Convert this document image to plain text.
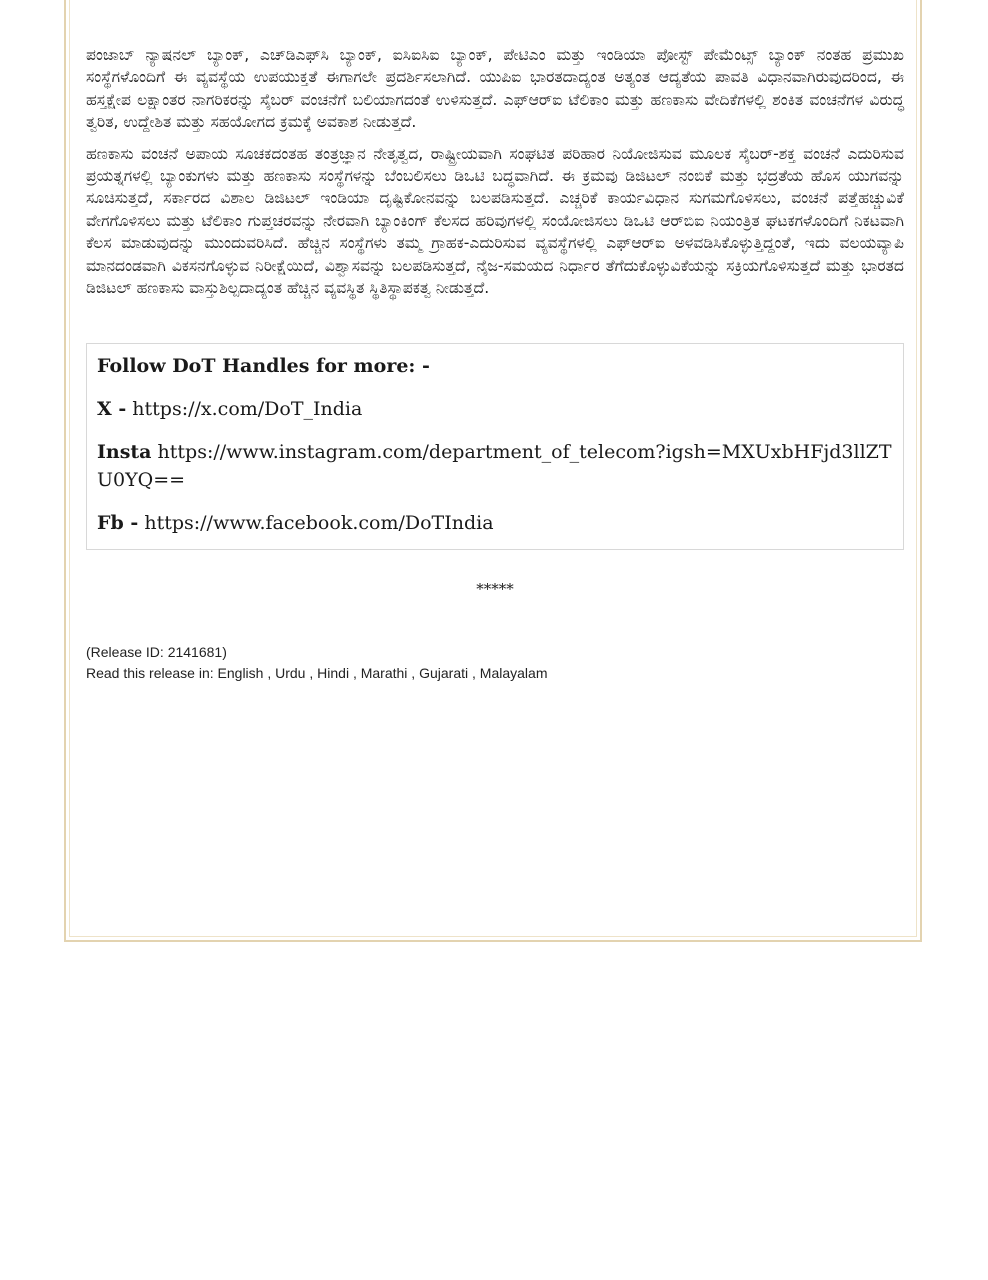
ಪಂಜಾಬ್ ನ್ಯಾಷನಲ್ ಬ್ಯಾಂಕ್, ಎಚ್‌ಡಿಎಫ್‌ಸಿ ಬ್ಯಾಂಕ್, ಐಸಿಐಸಿಐ ಬ್ಯಾಂಕ್, ಪೇಟಿಎಂ ಮತ್ತು ಇಂಡಿಯಾ ಪೋಸ್ಟ್ ಪೇಮೆಂಟ್ಸ್ ಬ್ಯಾಂಕ್ ನಂತಹ ಪ್ರಮುಖ ಸಂಸ್ಥೆಗಳೊಂದಿಗೆ ಈ ವ್ಯವಸ್ಥೆಯ ಉಪಯುಕ್ತತೆ ಈಗಾಗಲೇ ಪ್ರದರ್ಶಿಸಲಾಗಿದೆ. ಯುಪಿಐ ಭಾರತದಾದ್ಯಂತ ಅತ್ಯಂತ ಆದ್ಯತೆಯ ಪಾವತಿ ವಿಧಾನವಾಗಿರುವುದರಿಂದ, ಈ ಹಸ್ತಕ್ಷೇಪ ಲಕ್ಷಾಂತರ ನಾಗರಿಕರನ್ನು ಸೈಬರ್ ವಂಚನೆಗೆ ಬಲಿಯಾಗದಂತೆ ಉಳಿಸುತ್ತದೆ. ಎಫ್‌ಆರ್‌ಐ ಟೆಲಿಕಾಂ ಮತ್ತು ಹಣಕಾಸು ವೇದಿಕೆಗಳಲ್ಲಿ ಶಂಕಿತ ವಂಚನೆಗಳ ವಿರುದ್ಧ ತ್ವರಿತ, ಉದ್ದೇಶಿತ ಮತ್ತು ಸಹಯೋಗದ ಕ್ರಮಕ್ಕೆ ಅವಕಾಶ ನೀಡುತ್ತದೆ.

ಹಣಕಾಸು ವಂಚನೆ ಅಪಾಯ ಸೂಚಕದಂತಹ ತಂತ್ರಜ್ಞಾನ ನೇತೃತ್ವದ, ರಾಷ್ಟ್ರೀಯವಾಗಿ ಸಂಘಟಿತ ಪರಿಹಾರ ನಿಯೋಜಿಸುವ ಮೂಲಕ ಸೈಬರ್-ಶಕ್ತ ವಂಚನೆ ಎದುರಿಸುವ ಪ್ರಯತ್ನಗಳಲ್ಲಿ ಬ್ಯಾಂಕುಗಳು ಮತ್ತು ಹಣಕಾಸು ಸಂಸ್ಥೆಗಳನ್ನು ಬೆಂಬಲಿಸಲು ಡಿಒಟಿ ಬದ್ಧವಾಗಿದೆ. ಈ ಕ್ರಮವು ಡಿಜಿಟಲ್ ನಂಬಿಕೆ ಮತ್ತು ಭದ್ರತೆಯ ಹೊಸ ಯುಗವನ್ನು ಸೂಚಿಸುತ್ತದೆ, ಸರ್ಕಾರದ ವಿಶಾಲ ಡಿಜಿಟಲ್ ಇಂಡಿಯಾ ದೃಷ್ಟಿಕೋನವನ್ನು ಬಲಪಡಿಸುತ್ತದೆ. ಎಚ್ಚರಿಕೆ ಕಾರ್ಯವಿಧಾನ ಸುಗಮಗೊಳಿಸಲು, ವಂಚನೆ ಪತ್ತೆಹಚ್ಚುವಿಕೆ ವೇಗಗೊಳಿಸಲು ಮತ್ತು ಟೆಲಿಕಾಂ ಗುಪ್ತಚರವನ್ನು ನೇರವಾಗಿ ಬ್ಯಾಂಕಿಂಗ್ ಕೆಲಸದ ಹರಿವುಗಳಲ್ಲಿ ಸಂಯೋಜಿಸಲು ಡಿಒಟಿ ಆರ್‌ಬಿಐ ನಿಯಂತ್ರಿತ ಘಟಕಗಳೊಂದಿಗೆ ನಿಕಟವಾಗಿ ಕೆಲಸ ಮಾಡುವುದನ್ನು ಮುಂದುವರಿಸಿದೆ. ಹೆಚ್ಚಿನ ಸಂಸ್ಥೆಗಳು ತಮ್ಮ ಗ್ರಾಹಕ-ಎದುರಿಸುವ ವ್ಯವಸ್ಥೆಗಳಲ್ಲಿ ಎಫ್‌ಆರ್‌ಐ ಅಳವಡಿಸಿಕೊಳ್ಳುತ್ತಿದ್ದಂತೆ, ಇದು ವಲಯವ್ಯಾಪಿ ಮಾನದಂಡವಾಗಿ ವಿಕಸನಗೊಳ್ಳುವ ನಿರೀಕ್ಷೆಯಿದೆ, ವಿಶ್ವಾಸವನ್ನು ಬಲಪಡಿಸುತ್ತದೆ, ನೈಜ-ಸಮಯದ ನಿರ್ಧಾರ ತೆಗೆದುಕೊಳ್ಳುವಿಕೆಯನ್ನು ಸಕ್ರಿಯಗೊಳಿಸುತ್ತದೆ ಮತ್ತು ಭಾರತದ ಡಿಜಿಟಲ್ ಹಣಕಾಸು ವಾಸ್ತುಶಿಲ್ಪದಾದ್ಯಂತ ಹೆಚ್ಚಿನ ವ್ಯವಸ್ಥಿತ ಸ್ಥಿತಿಸ್ಥಾಪಕತ್ವ ನೀಡುತ್ತದೆ.

Follow DoT Handles for more: -
X - https://x.com/DoT_India
Insta https://www.instagram.com/department_of_telecom?igsh=MXUxbHFjd3llZTU0YQ==
Fb - https://www.facebook.com/DoTIndia
*****
(Release ID: 2141681)
Read this release in: English , Urdu , Hindi , Marathi , Gujarati , Malayalam
